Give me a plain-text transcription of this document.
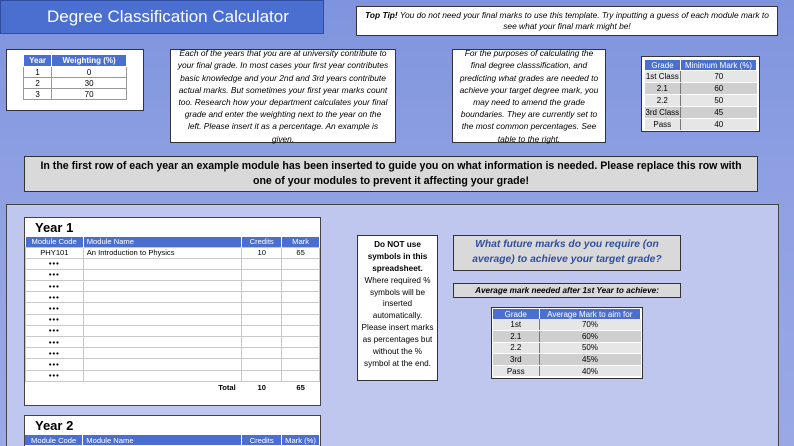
Degree Classification Calculator	Top Tip! You do not need your final marks to use this template. Try inputting a guess of each module mark to see what your final mark might be!
Year	Weighting (%)
1	0
2	30
3	70
Each of the years that you are at university contribute to your final grade. In most cases your first year contributes basic knowledge and your 2nd and 3rd years contribute actual marks. But sometimes your first year marks count too. Research how your department calculates your final grade and enter the weighting next to the year on the left. Please insert it as a percentage. An example is given.
For the purposes of calculating the final degree classsification, and predicting what grades are needed to achieve your target degree mark, you may need to amend the grade boundaries. They are currently set to the most common percentages. See table to the right.
Grade	Minimum Mark (%)
1st Class	70
2.1	60
2.2	50
3rd Class	45
Pass	40
In the first row of each year an example module has been inserted to guide you on what information is needed. Please replace this row with one of your modules to prevent it affecting your grade!
Year 1
Module Code	Module Name	Credits	Mark
PHY101	An Introduction to Physics	10	65
•••			
•••			
•••			
•••			
•••			
•••			
•••			
•••			
•••			
•••			
•••			
	Total	10	65
Year 2
Module Code	Module Name	Credits	Mark (%)
Do NOT use symbols in this spreadsheet.
Where required % symbols will be inserted automatically. Please insert marks as percentages but without the % symbol at the end.
What future marks do you require (on average) to achieve your target grade?
Average mark needed after 1st Year to achieve:
Grade	Average Mark to aim for
1st	70%
2.1	60%
2.2	50%
3rd	45%
Pass	40%
